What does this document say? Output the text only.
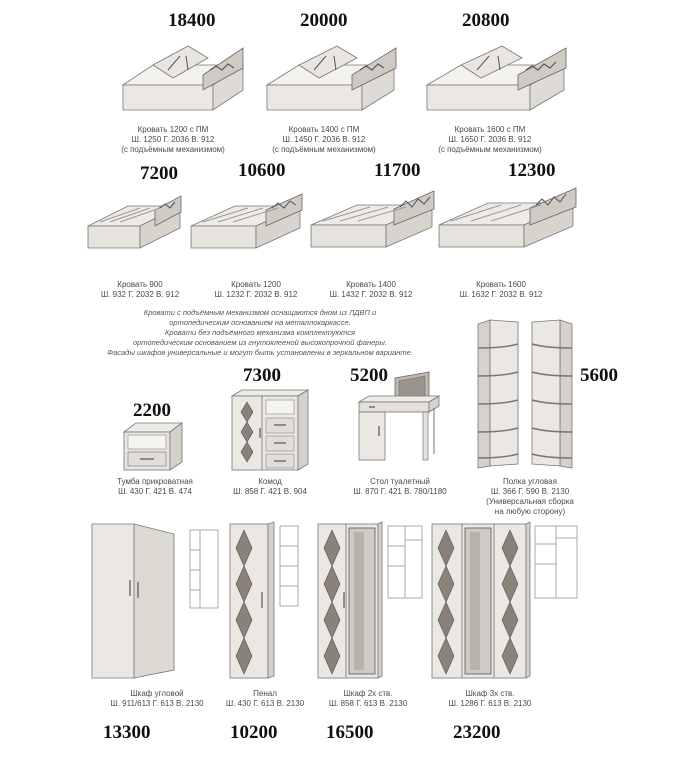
18400	20000	20800
Кровать 1200 с ПМ
Ш. 1250 Г. 2036 В. 912
(с подъёмным механизмом)
Кровать 1400 с ПМ
Ш. 1450 Г. 2036 В. 912
(с подъёмным механизмом)
Кровать 1600 с ПМ
Ш. 1650 Г. 2036 В. 912
(с подъёмным механизмом)
7200	10600	11700	12300
Кровать 900
Ш. 932 Г. 2032 В. 912
Кровать 1200
Ш. 1232 Г. 2032 В. 912
Кровать 1400
Ш. 1432 Г. 2032 В. 912
Кровать 1600
Ш. 1632 Г. 2032 В. 912
Кровати с подъёмным механизмом оснащаются дном из ЛДВП и
ортопедическим основанием на металлокаркассе.
Кровати без подъёмного механизма комплектуются
ортопедическим основанием из гнутоклееной высокопрочной фанеры.
Фасады шкафов универсальные и могут быть установлены в зеркальном варианте.
7300	5200	5600
2200
Тумба прикроватная
Ш. 430 Г. 421 В. 474
Комод
Ш. 858 Г. 421 В. 904
Стол туалетный
Ш. 870 Г. 421 В. 780/1180
Полка угловая
Ш. 366 Г. 590 В. 2130
(Универсальная сборка
на любую сторону)
Шкаф угловой
Ш. 911/613 Г. 613 В. 2130
Пенал
Ш. 430 Г. 613 В. 2130
Шкаф 2х ств.
Ш. 858 Г. 613 В. 2130
Шкаф 3х ств.
Ш. 1286 Г. 613 В. 2130
13300	10200	16500	23200
